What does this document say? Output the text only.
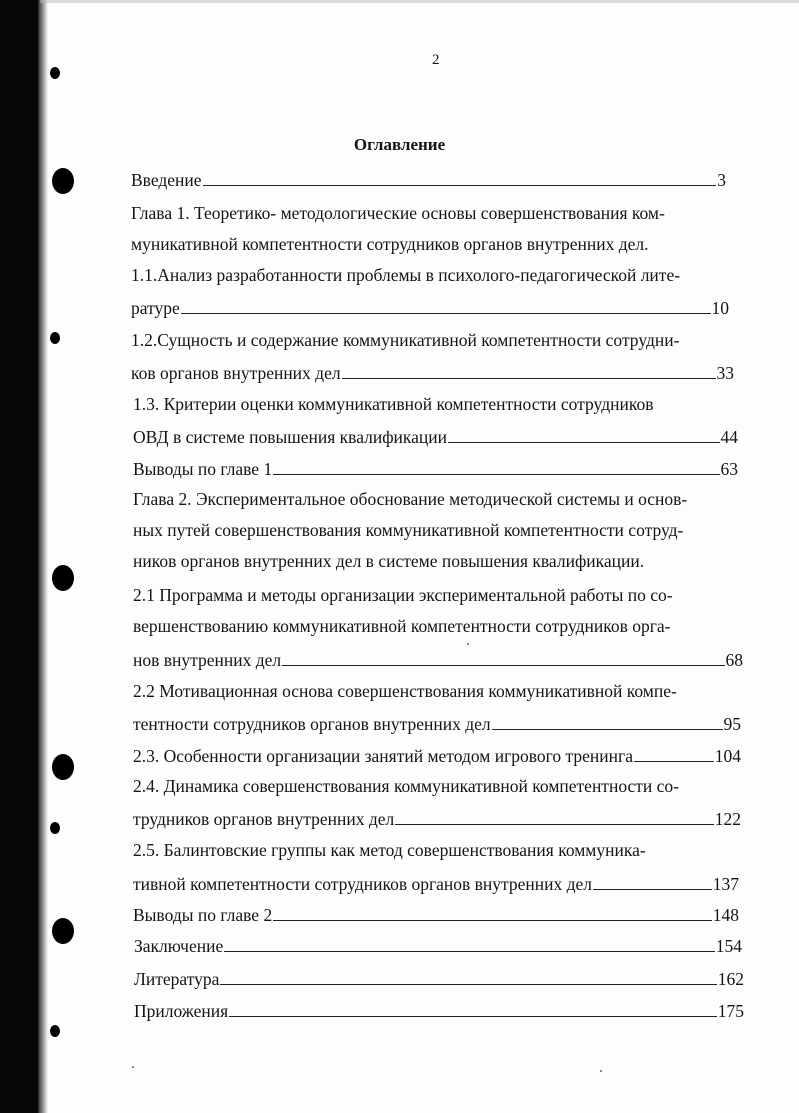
2
Оглавление
Введение	3
Глава 1. Теоретико- методологические основы совершенствования ком-
муникативной компетентности сотрудников органов внутренних дел.
1.1.Анализ разработанности проблемы в психолого-педагогической лите-
ратуре	10
1.2.Сущность и содержание коммуникативной компетентности сотрудни-
ков органов внутренних дел	33
1.3. Критерии оценки коммуникативной компетентности сотрудников
ОВД в системе повышения квалификации	44
Выводы по главе 1	63
Глава 2. Экспериментальное обоснование методической системы и основ-
ных путей совершенствования коммуникативной компетентности сотруд-
ников органов внутренних дел в системе повышения квалификации.
2.1 Программа и методы организации экспериментальной работы по со-
вершенствованию коммуникативной компетентности сотрудников орга-
нов внутренних дел	68
2.2 Мотивационная основа совершенствования коммуникативной компе-
тентности сотрудников органов внутренних дел	95
2.3. Особенности организации занятий методом игрового тренинга	104
2.4. Динамика совершенствования коммуникативной компетентности со-
трудников органов внутренних дел	122
2.5. Балинтовские группы как метод совершенствования коммуника-
тивной компетентности сотрудников органов внутренних дел	137
Выводы по главе 2	148
Заключение	154
Литература	162
Приложения	175
